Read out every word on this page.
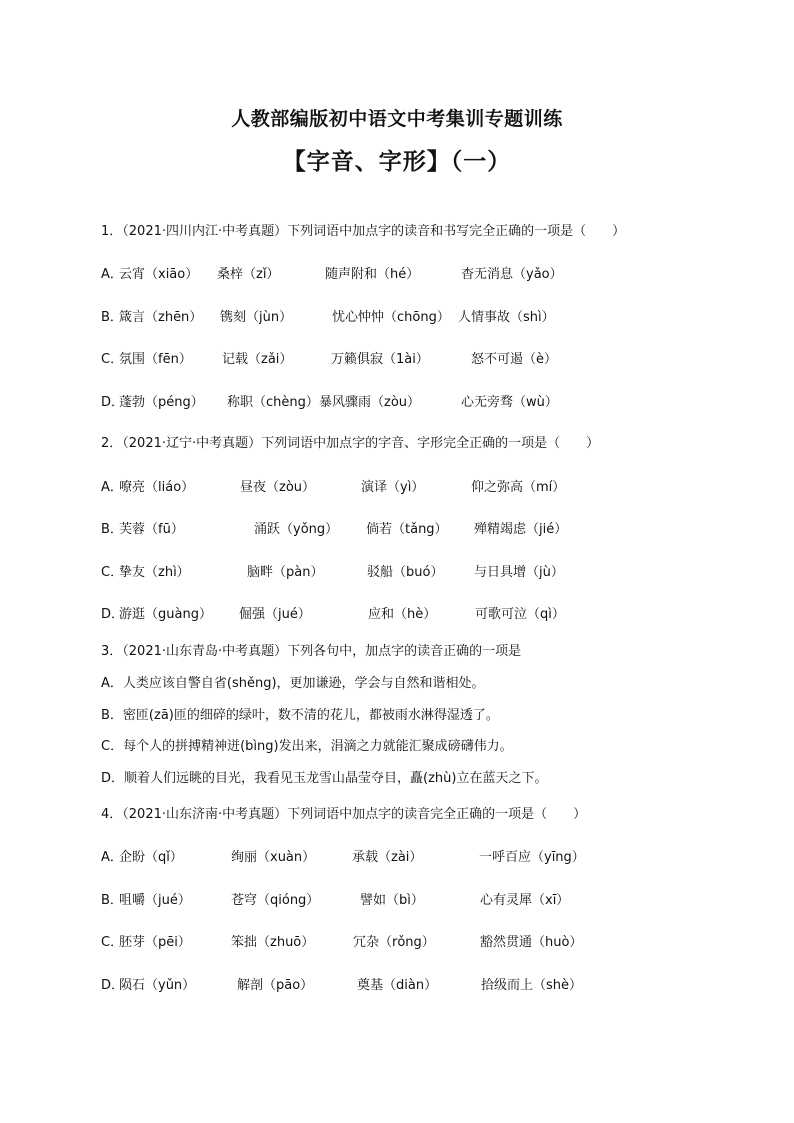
人教部编版初中语文中考集训专题训练
【字音、字形】（一）
1．（2021·四川内江·中考真题）下列词语中加点字的读音和书写完全正确的一项是（　　）
A．
云宵（xiāo） 桑梓（zǐ）	随声附和（hé）	杳无消息（yǎo）
B．
箴言（zhēn） 镌刻（jùn）	忧心忡忡（chōng） 人情事故（shì）
C．
氛围（fēn） 记载（zǎi）	万籁俱寂（1ài）	怒不可遏（è）
D．
蓬勃（péng） 称职（chèng） 暴风骤雨（zòu）	心无旁骛（wù）
2．（2021·辽宁·中考真题）下列词语中加点字的字音、字形完全正确的一项是（　　）
A．
嘹亮（liáo）	昼夜（zòu）	演译（yì）	仰之弥高（mí）
B．
芙蓉（fū）	涌跃（yǒng） 倘若（tǎng） 殚精竭虑（jié）
C．
挚友（zhì）	脑畔（pàn）	驳船（buó） 与日具增（jù）
D．
游逛（guàng） 倔强（jué）	应和（hè）	可歌可泣（qì）
3．（2021·山东青岛·中考真题）下列各句中，加点字的读音正确的一项是
A．人类应该自警自省(shěng)，更加谦逊，学会与自然和谐相处。
B．密匝(zā)匝的细碎的绿叶，数不清的花儿，都被雨水淋得湿透了。
C．每个人的拼搏精神迸(bìng)发出来，涓滴之力就能汇聚成磅礴伟力。
D．顺着人们远眺的目光，我看见玉龙雪山晶莹夺目，矗(zhù)立在蓝天之下。
4．（2021·山东济南·中考真题）下列词语中加点字的读音完全正确的一项是（　　）
A．
企盼（qǐ）	绚丽（xuàn）	承载（zài）	一呼百应（yīng）
B．
咀嚼（jué）	苍穹（qióng）	譬如（bì）	心有灵犀（xī）
C．
胚芽（pēi）	笨拙（zhuō）	冗杂（rǒng）	豁然贯通（huò）
D．
陨石（yǔn）	解剖（pāo）	奠基（diàn）	拾级而上（shè）
